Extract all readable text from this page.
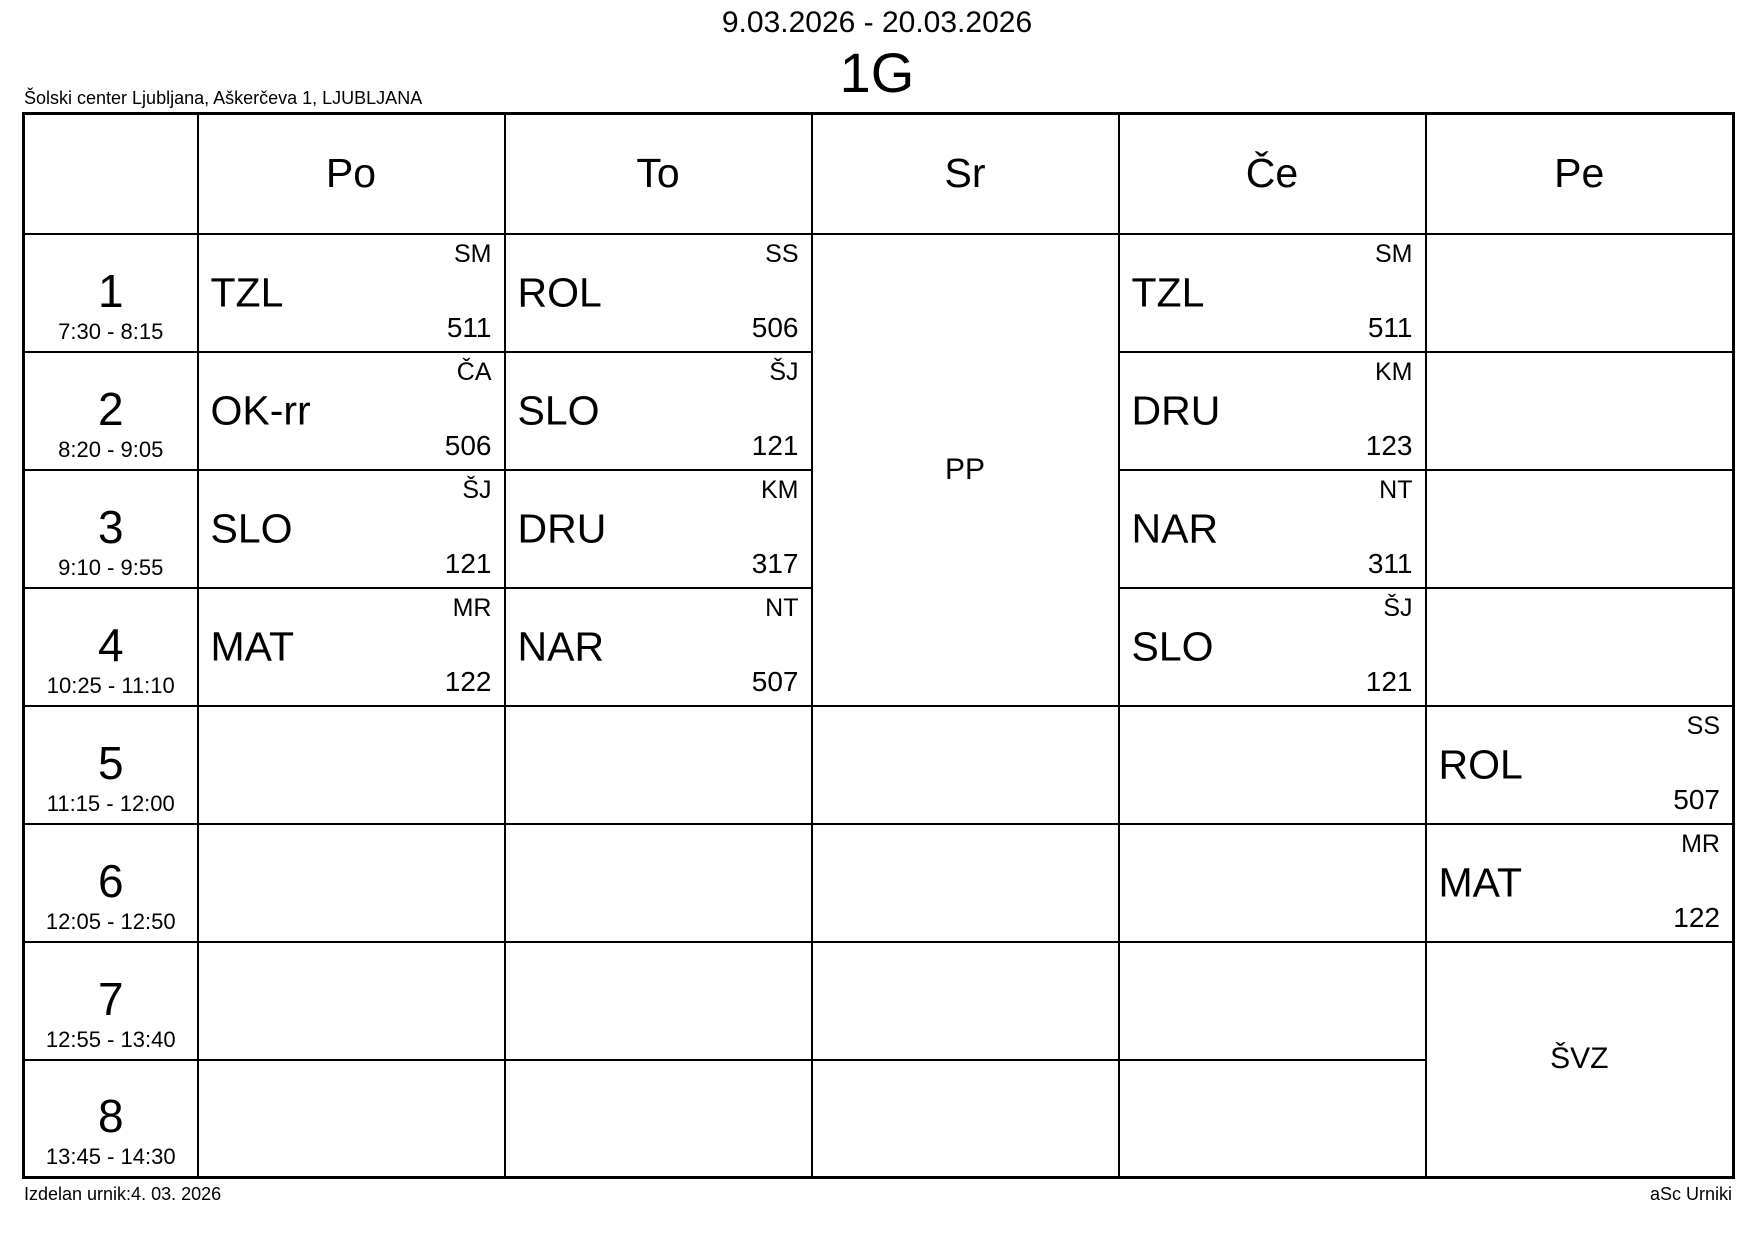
9.03.2026 - 20.03.2026
1G
Šolski center Ljubljana, Aškerčeva 1, LJUBLJANA
	Po	To	Sr	Če	Pe

1
7:30 - 8:15	SM
TZL
511	SS
ROL
506	PP	SM
TZL
511	

2
8:20 - 9:05	ČA
OK-rr
506	ŠJ
SLO
121		KM
DRU
123	

3
9:10 - 9:55	ŠJ
SLO
121	KM
DRU
317		NT
NAR
311	

4
10:25 - 11:10	MR
MAT
122	NT
NAR
507		ŠJ
SLO
121	

5
11:15 - 12:00					SS
ROL
507

6
12:05 - 12:50					MR
MAT
122

7
12:55 - 13:40					ŠVZ

8
13:45 - 14:30					

Izdelan urnik:4. 03. 2026	aSc Urniki
